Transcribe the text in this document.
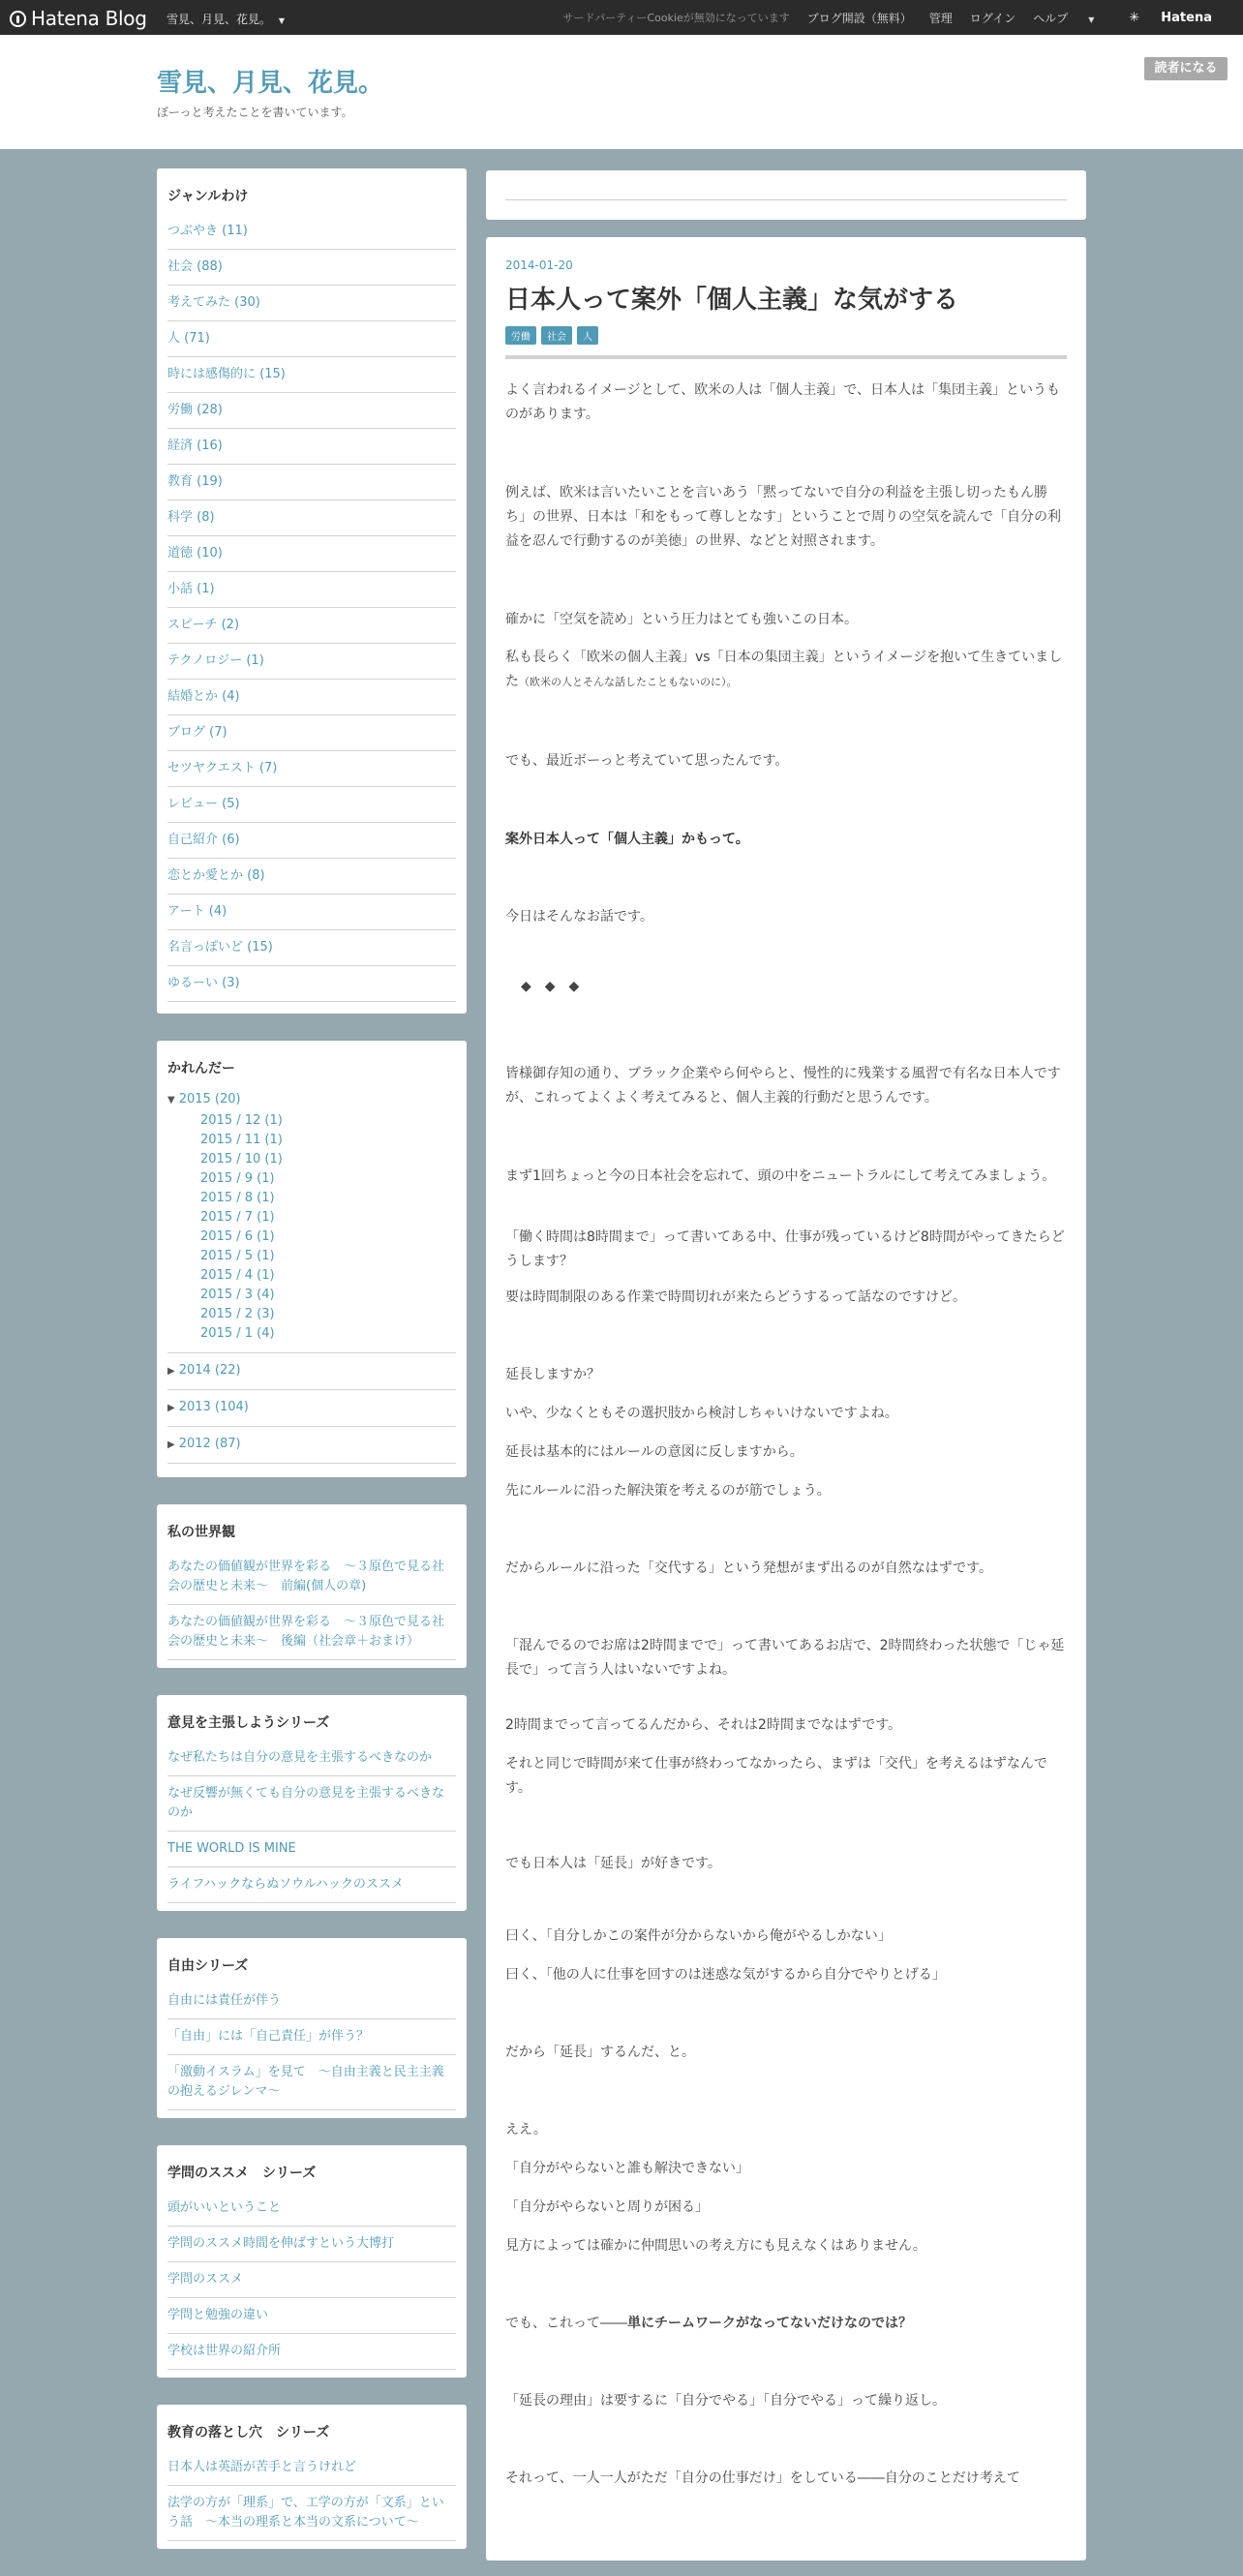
Hatena Blog 雪見、月見、花見。 ▼	サードパーティーCookieが無効になっています ブログ開設（無料） 管理 ログイン ヘルプ	▼	✳ Hatena
雪見、月見、花見。
ぼーっと考えたことを書いています。
読者になる
ジャンルわけ
つぶやき (11)
社会 (88)
考えてみた (30)
人 (71)
時には感傷的に (15)
労働 (28)
経済 (16)
教育 (19)
科学 (8)
道徳 (10)
小話 (1)
スピーチ (2)
テクノロジー (1)
結婚とか (4)
ブログ (7)
セツヤクエスト (7)
レビュー (5)
自己紹介 (6)
恋とか愛とか (8)
アート (4)
名言っぽいど (15)
ゆるーい (3)
かれんだー
▼ 2015 (20)
2015 / 12 (1)
2015 / 11 (1)
2015 / 10 (1)
2015 / 9 (1)
2015 / 8 (1)
2015 / 7 (1)
2015 / 6 (1)
2015 / 5 (1)
2015 / 4 (1)
2015 / 3 (4)
2015 / 2 (3)
2015 / 1 (4)
▶ 2014 (22)
▶ 2013 (104)
▶ 2012 (87)
私の世界観
あなたの価値観が世界を彩る　～３原色で見る社会の歴史と未来～　前編(個人の章)
あなたの価値観が世界を彩る　～３原色で見る社会の歴史と未来～　後編（社会章＋おまけ）
意見を主張しようシリーズ
なぜ私たちは自分の意見を主張するべきなのか
なぜ反響が無くても自分の意見を主張するべきなのか
THE WORLD IS MINE
ライフハックならぬソウルハックのススメ
自由シリーズ
自由には責任が伴う
「自由」には「自己責任」が伴う？
「激動イスラム」を見て　～自由主義と民主主義の抱えるジレンマ～
学問のススメ　シリーズ
頭がいいということ
学問のススメ時間を伸ばすという大博打
学問のススメ
学問と勉強の違い
学校は世界の紹介所
教育の落とし穴　シリーズ
日本人は英語が苦手と言うけれど
法学の方が「理系」で、工学の方が「文系」という話　～本当の理系と本当の文系について～
2014-01-20
日本人って案外「個人主義」な気がする
労働	社会	人
よく言われるイメージとして、欧米の人は「個人主義」で、日本人は「集団主義」というものがあります。
例えば、欧米は言いたいことを言いあう「黙ってないで自分の利益を主張し切ったもん勝ち」の世界、日本は「和をもって尊しとなす」ということで周りの空気を読んで「自分の利益を忍んで行動するのが美徳」の世界、などと対照されます。
確かに「空気を読め」という圧力はとても強いこの日本。
私も長らく「欧米の個人主義」vs「日本の集団主義」というイメージを抱いて生きていました（欧米の人とそんな話したこともないのに）。
でも、最近ボーっと考えていて思ったんです。
案外日本人って「個人主義」かもって。
今日はそんなお話です。
◆◆◆
皆様御存知の通り、ブラック企業やら何やらと、慢性的に残業する風習で有名な日本人ですが、これってよくよく考えてみると、個人主義的行動だと思うんです。
まず1回ちょっと今の日本社会を忘れて、頭の中をニュートラルにして考えてみましょう。
「働く時間は8時間まで」って書いてある中、仕事が残っているけど8時間がやってきたらどうします？
要は時間制限のある作業で時間切れが来たらどうするって話なのですけど。
延長しますか？
いや、少なくともその選択肢から検討しちゃいけないですよね。
延長は基本的にはルールの意図に反しますから。
先にルールに沿った解決策を考えるのが筋でしょう。
だからルールに沿った「交代する」という発想がまず出るのが自然なはずです。
「混んでるのでお席は2時間までで」って書いてあるお店で、2時間終わった状態で「じゃ延長で」って言う人はいないですよね。
2時間までって言ってるんだから、それは2時間までなはずです。
それと同じで時間が来て仕事が終わってなかったら、まずは「交代」を考えるはずなんです。
でも日本人は「延長」が好きです。
曰く、「自分しかこの案件が分からないから俺がやるしかない」
曰く、「他の人に仕事を回すのは迷惑な気がするから自分でやりとげる」
だから「延長」するんだ、と。
ええ。
「自分がやらないと誰も解決できない」
「自分がやらないと周りが困る」
見方によっては確かに仲間思いの考え方にも見えなくはありません。
でも、これって――単にチームワークがなってないだけなのでは？
「延長の理由」は要するに「自分でやる」「自分でやる」って繰り返し。
それって、一人一人がただ「自分の仕事だけ」をしている――自分のことだけ考えて
